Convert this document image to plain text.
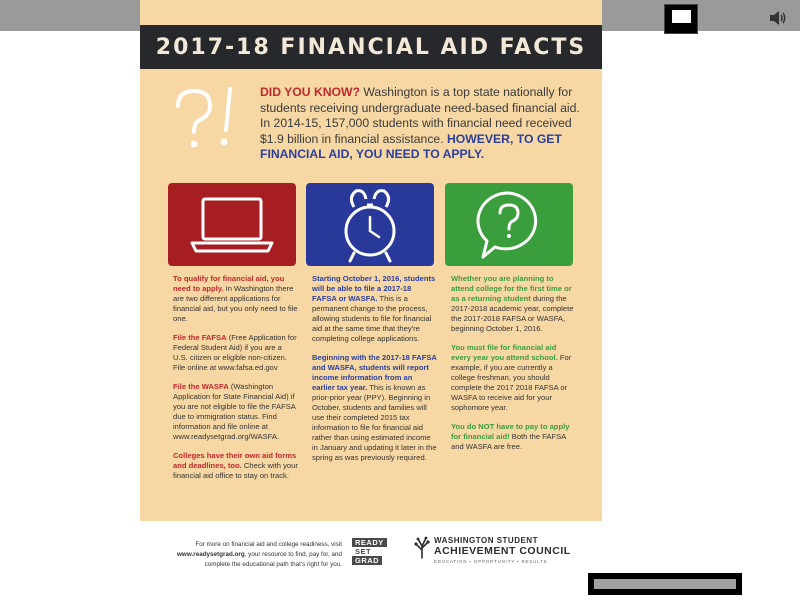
2017-18 FINANCIAL AID FACTS
DID YOU KNOW? Washington is a top state nationally for students receiving undergraduate need-based financial aid. In 2014-15, 157,000 students with financial need received $1.9 billion in financial assistance. HOWEVER, TO GET FINANCIAL AID, YOU NEED TO APPLY.

To qualify for financial aid, you need to apply. In Washington there are two different applications for financial aid, but you only need to file one.

File the FAFSA (Free Application for Federal Student Aid) if you are a U.S. citizen or eligible non-citizen. File online at www.fafsa.ed.gov

File the WASFA (Washington Application for State Financial Aid) if you are not eligible to file the FAFSA due to immigration status. Find information and file online at www.readysetgrad.org/WASFA.

Colleges have their own aid forms and deadlines, too. Check with your financial aid office to stay on track.

Starting October 1, 2016, students will be able to file a 2017-18 FAFSA or WASFA. This is a permanent change to the process, allowing students to file for financial aid at the same time that they're completing college applications.

Beginning with the 2017-18 FAFSA and WASFA, students will report income information from an earlier tax year. This is known as prior-prior year (PPY). Beginning in October, students and families will use their completed 2015 tax information to file for financial aid rather than using estimated income in January and updating it later in the spring as was previously required.

Whether you are planning to attend college for the first time or as a returning student during the 2017-2018 academic year, complete the 2017-2018 FAFSA or WASFA, beginning October 1, 2016.

You must file for financial aid every year you attend school. For example, if you are currently a college freshman, you should complete the 2017 2018 FAFSA or WASFA to receive aid for your sophomore year.

You do NOT have to pay to apply for financial aid! Both the FAFSA and WASFA are free.

For more on financial aid and college readiness, visit www.readysetgrad.org, your resource to find, pay for, and complete the educational path that's right for you.
READY
SET
GRAD
WASHINGTON STUDENT
ACHIEVEMENT COUNCIL
EDUCATION • OPPORTUNITY • RESULTS
